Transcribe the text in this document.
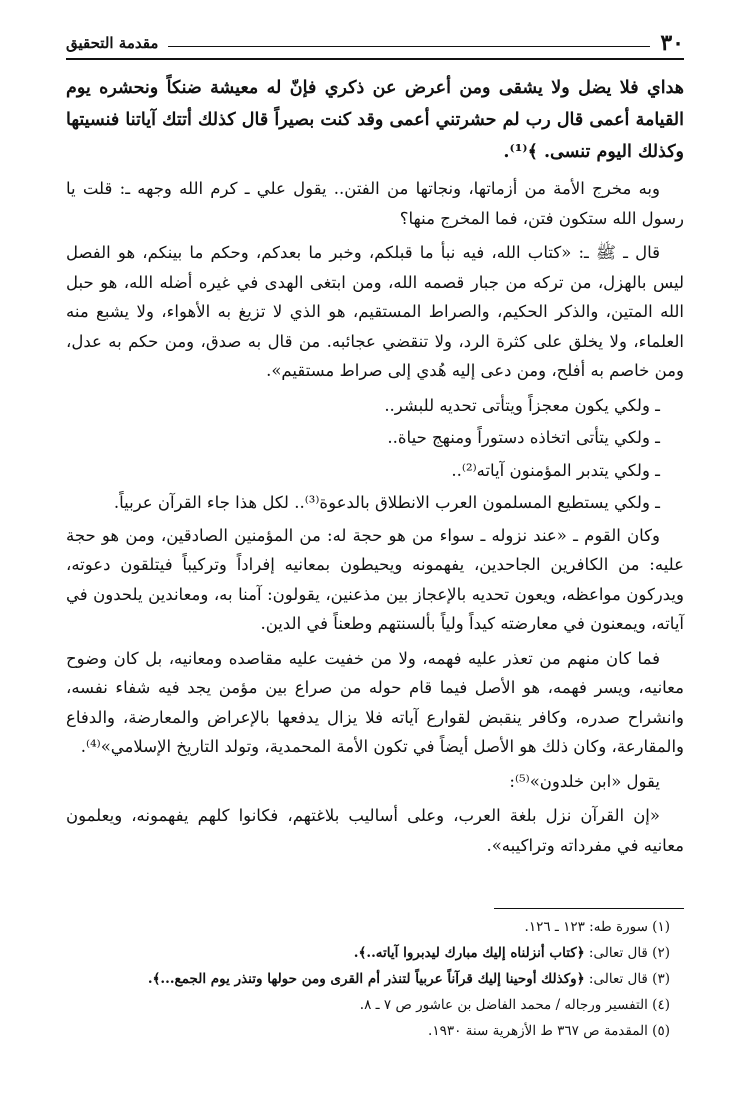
٣٠
مقدمة التحقيق

هداي فلا يضل ولا يشقى ومن أعرض عن ذكري فإنّ له معيشة ضنكاً ونحشره يوم القيامة أعمى قال رب لم حشرتني أعمى وقد كنت بصيراً قال كذلك أتتك آياتنا فنسيتها وكذلك اليوم تنسى. ﴾⁽¹⁾.

وبه مخرج الأمة من أزماتها، ونجاتها من الفتن.. يقول علي ـ كرم الله وجهه ـ: قلت يا رسول الله ستكون فتن، فما المخرج منها؟

قال ـ ﷺ ـ: «كتاب الله، فيه نبأ ما قبلكم، وخبر ما بعدكم، وحكم ما بينكم، هو الفصل ليس بالهزل، من تركه من جبار قصمه الله، ومن ابتغى الهدى في غيره أضله الله، هو حبل الله المتين، والذكر الحكيم، والصراط المستقيم، هو الذي لا تزيغ به الأهواء، ولا يشبع منه العلماء، ولا يخلق على كثرة الرد، ولا تنقضي عجائبه. من قال به صدق، ومن حكم به عدل، ومن خاصم به أفلح، ومن دعى إليه هُدي إلى صراط مستقيم».

ـ ولكي يكون معجزاً ويتأتى تحديه للبشر..

ـ ولكي يتأتى اتخاذه دستوراً ومنهج حياة..

ـ ولكي يتدبر المؤمنون آياته⁽²⁾..

ـ ولكي يستطيع المسلمون العرب الانطلاق بالدعوة⁽³⁾.. لكل هذا جاء القرآن عربياً.

وكان القوم ـ «عند نزوله ـ سواء من هو حجة له: من المؤمنين الصادقين، ومن هو حجة عليه: من الكافرين الجاحدين، يفهمونه ويحيطون بمعانيه إفراداً وتركيباً فيتلقون دعوته، ويدركون مواعظه، ويعون تحديه بالإعجاز بين مذعنين، يقولون: آمنا به، ومعاندين يلحدون في آياته، ويمعنون في معارضته كيداً ولياً بألسنتهم وطعناً في الدين.

فما كان منهم من تعذر عليه فهمه، ولا من خفيت عليه مقاصده ومعانيه، بل كان وضوح معانيه، ويسر فهمه، هو الأصل فيما قام حوله من صراع بين مؤمن يجد فيه شفاء نفسه، وانشراح صدره، وكافر ينقبض لقوارع آياته فلا يزال يدفعها بالإعراض والمعارضة، والدفاع والمقارعة، وكان ذلك هو الأصل أيضاً في تكون الأمة المحمدية، وتولد التاريخ الإسلامي»⁽⁴⁾.

يقول «ابن خلدون»⁽⁵⁾:

«إن القرآن نزل بلغة العرب، وعلى أساليب بلاغتهم، فكانوا كلهم يفهمونه، ويعلمون معانيه في مفرداته وتراكيبه».

(١) سورة طه: ١٢٣ ـ ١٢٦.

(٢) قال تعالى: ﴿كتاب أنزلناه إليك مبارك ليدبروا آياته..﴾.

(٣) قال تعالى: ﴿وكذلك أوحينا إليك قرآناً عربياً لتنذر أم القرى ومن حولها وتنذر يوم الجمع...﴾.

(٤) التفسير ورجاله / محمد الفاضل بن عاشور ص ٧ ـ ٨.

(٥) المقدمة ص ٣٦٧ ط الأزهرية سنة ١٩٣٠.
